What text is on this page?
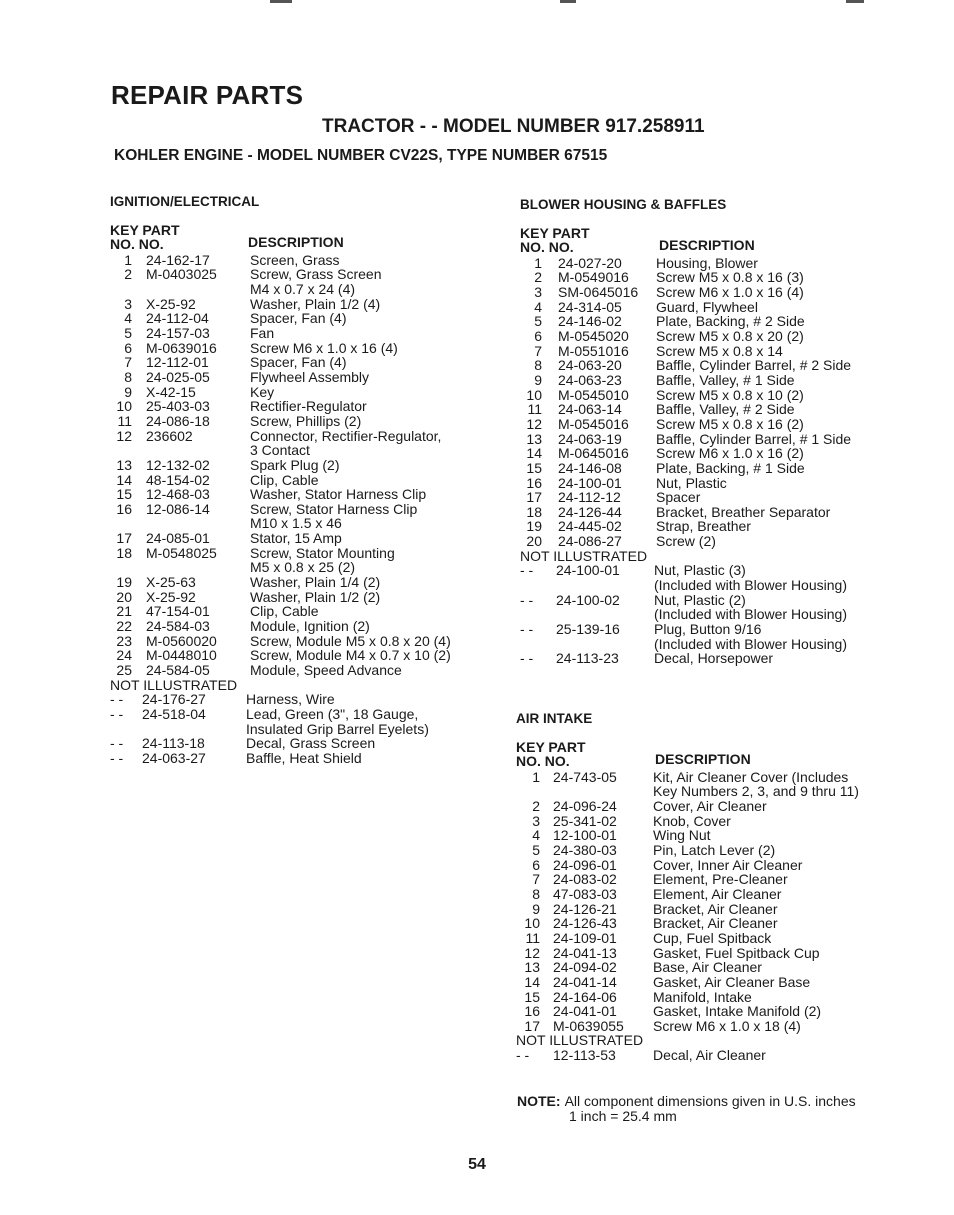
REPAIR PARTS
TRACTOR - - MODEL NUMBER 917.258911
KOHLER ENGINE - MODEL NUMBER CV22S, TYPE NUMBER 67515
IGNITION/ELECTRICAL
KEY PART
NO. NO.	DESCRIPTION
1 24-162-17	Screen, Grass
2 M-0403025	Screw, Grass Screen
M4 x 0.7 x 24 (4)
3 X-25-92	Washer, Plain 1/2 (4)
4 24-112-04	Spacer, Fan (4)
5 24-157-03	Fan
6 M-0639016	Screw M6 x 1.0 x 16 (4)
7 12-112-01	Spacer, Fan (4)
8 24-025-05	Flywheel Assembly
9 X-42-15	Key
10 25-403-03	Rectifier-Regulator
11 24-086-18	Screw, Phillips (2)
12 236602	Connector, Rectifier-Regulator,
3 Contact
13 12-132-02	Spark Plug (2)
14 48-154-02	Clip, Cable
15 12-468-03	Washer, Stator Harness Clip
16 12-086-14	Screw, Stator Harness Clip
M10 x 1.5 x 46
17 24-085-01	Stator, 15 Amp
18 M-0548025	Screw, Stator Mounting
M5 x 0.8 x 25 (2)
19 X-25-63	Washer, Plain 1/4 (2)
20 X-25-92	Washer, Plain 1/2 (2)
21 47-154-01	Clip, Cable
22 24-584-03	Module, Ignition (2)
23 M-0560020	Screw, Module M5 x 0.8 x 20 (4)
24 M-0448010	Screw, Module M4 x 0.7 x 10 (2)
25 24-584-05	Module, Speed Advance
NOT ILLUSTRATED
- -	24-176-27	Harness, Wire
- -	24-518-04	Lead, Green (3", 18 Gauge,
Insulated Grip Barrel Eyelets)
- -	24-113-18	Decal, Grass Screen
- -	24-063-27	Baffle, Heat Shield
BLOWER HOUSING & BAFFLES
KEY PART
NO. NO.	DESCRIPTION
1 24-027-20	Housing, Blower
2 M-0549016	Screw M5 x 0.8 x 16 (3)
3 SM-0645016	Screw M6 x 1.0 x 16 (4)
4 24-314-05	Guard, Flywheel
5 24-146-02	Plate, Backing, # 2 Side
6 M-0545020	Screw M5 x 0.8 x 20 (2)
7 M-0551016	Screw M5 x 0.8 x 14
8 24-063-20	Baffle, Cylinder Barrel, # 2 Side
9 24-063-23	Baffle, Valley, # 1 Side
10 M-0545010	Screw M5 x 0.8 x 10 (2)
11 24-063-14	Baffle, Valley, # 2 Side
12 M-0545016	Screw M5 x 0.8 x 16 (2)
13 24-063-19	Baffle, Cylinder Barrel, # 1 Side
14 M-0645016	Screw M6 x 1.0 x 16 (2)
15 24-146-08	Plate, Backing, # 1 Side
16 24-100-01	Nut, Plastic
17 24-112-12	Spacer
18 24-126-44	Bracket, Breather Separator
19 24-445-02	Strap, Breather
20 24-086-27	Screw (2)
NOT ILLUSTRATED
- -	24-100-01	Nut, Plastic (3)
(Included with Blower Housing)
- -	24-100-02	Nut, Plastic (2)
(Included with Blower Housing)
- -	25-139-16	Plug, Button 9/16
(Included with Blower Housing)
- -	24-113-23	Decal, Horsepower
AIR INTAKE
KEY PART
NO. NO.	DESCRIPTION
1 24-743-05	Kit, Air Cleaner Cover (Includes
Key Numbers 2, 3, and 9 thru 11)
2 24-096-24	Cover, Air Cleaner
3 25-341-02	Knob, Cover
4 12-100-01	Wing Nut
5 24-380-03	Pin, Latch Lever (2)
6 24-096-01	Cover, Inner Air Cleaner
7 24-083-02	Element, Pre-Cleaner
8 47-083-03	Element, Air Cleaner
9 24-126-21	Bracket, Air Cleaner
10 24-126-43	Bracket, Air Cleaner
11 24-109-01	Cup, Fuel Spitback
12 24-041-13	Gasket, Fuel Spitback Cup
13 24-094-02	Base, Air Cleaner
14 24-041-14	Gasket, Air Cleaner Base
15 24-164-06	Manifold, Intake
16 24-041-01	Gasket, Intake Manifold (2)
17 M-0639055	Screw M6 x 1.0 x 18 (4)
NOT ILLUSTRATED
- -	12-113-53	Decal, Air Cleaner
NOTE: All component dimensions given in U.S. inches
1 inch = 25.4 mm
54
